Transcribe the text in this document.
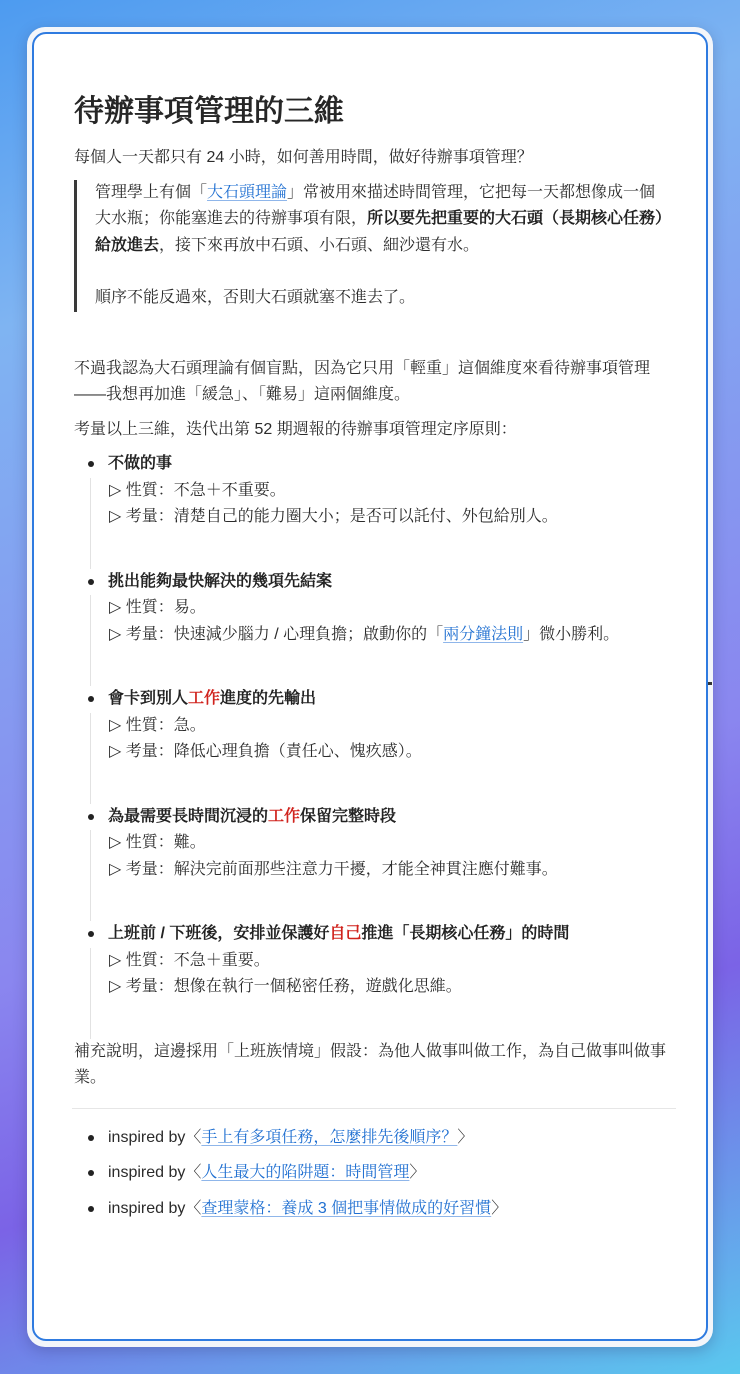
待辦事項管理的三維

每個人一天都只有 24 小時，如何善用時間，做好待辦事項管理？

管理學上有個「大石頭理論」常被用來描述時間管理，它把每一天都想像成一個大水瓶；你能塞進去的待辦事項有限，所以要先把重要的大石頭（長期核心任務）給放進去，接下來再放中石頭、小石頭、細沙還有水。

順序不能反過來，否則大石頭就塞不進去了。

不過我認為大石頭理論有個盲點，因為它只用「輕重」這個維度來看待辦事項管理——我想再加進「緩急」、「難易」這兩個維度。

考量以上三維，迭代出第 52 期週報的待辦事項管理定序原則：

不做的事
▷ 性質：不急＋不重要。
▷ 考量：清楚自己的能力圈大小；是否可以託付、外包給別人。
挑出能夠最快解決的幾項先結案
▷ 性質：易。
▷ 考量：快速減少腦力 / 心理負擔；啟動你的「兩分鐘法則」微小勝利。
會卡到別人工作進度的先輸出
▷ 性質：急。
▷ 考量：降低心理負擔（責任心、愧疚感）。
為最需要長時間沉浸的工作保留完整時段
▷ 性質：難。
▷ 考量：解決完前面那些注意力干擾，才能全神貫注應付難事。
上班前 / 下班後，安排並保護好自己推進「長期核心任務」的時間
▷ 性質：不急＋重要。
▷ 考量：想像在執行一個秘密任務，遊戲化思維。

補充說明，這邊採用「上班族情境」假設：為他人做事叫做工作，為自己做事叫做事業。

inspired by〈手上有多項任務，怎麼排先後順序？〉
inspired by〈人生最大的陷阱題：時間管理〉
inspired by〈查理蒙格：養成 3 個把事情做成的好習慣〉
